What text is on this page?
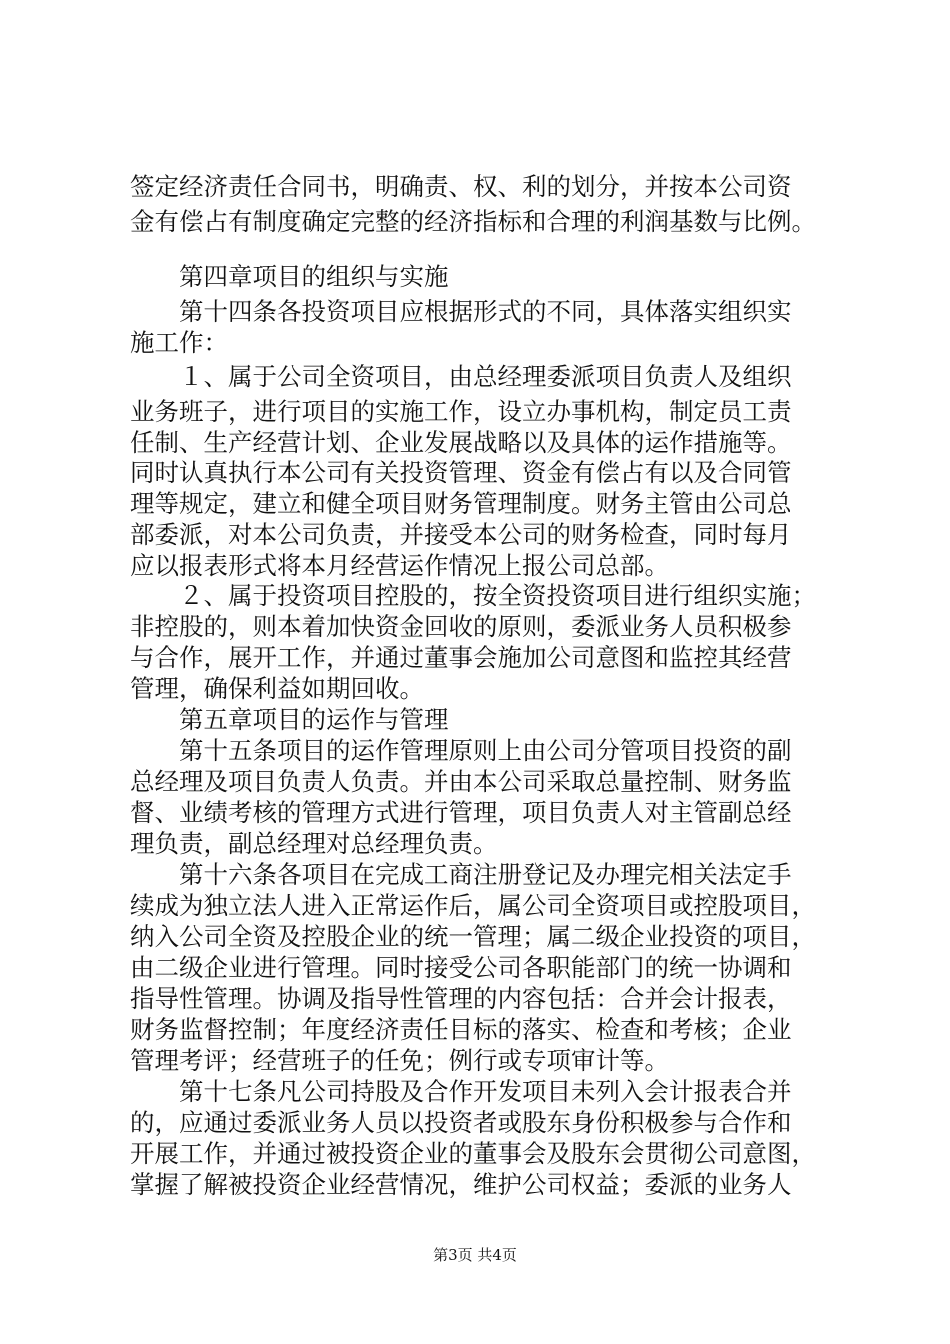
签定经济责任合同书，明确责、权、利的划分，并按本公司资
金有偿占有制度确定完整的经济指标和合理的利润基数与比例。
　　第四章项目的组织与实施
　　第十四条各投资项目应根据形式的不同，具体落实组织实
施工作：
　　１、属于公司全资项目，由总经理委派项目负责人及组织
业务班子，进行项目的实施工作，设立办事机构，制定员工责
任制、生产经营计划、企业发展战略以及具体的运作措施等。
同时认真执行本公司有关投资管理、资金有偿占有以及合同管
理等规定，建立和健全项目财务管理制度。财务主管由公司总
部委派，对本公司负责，并接受本公司的财务检查，同时每月
应以报表形式将本月经营运作情况上报公司总部。
　　２、属于投资项目控股的，按全资投资项目进行组织实施；
非控股的，则本着加快资金回收的原则，委派业务人员积极参
与合作，展开工作，并通过董事会施加公司意图和监控其经营
管理，确保利益如期回收。
　　第五章项目的运作与管理
　　第十五条项目的运作管理原则上由公司分管项目投资的副
总经理及项目负责人负责。并由本公司采取总量控制、财务监
督、业绩考核的管理方式进行管理，项目负责人对主管副总经
理负责，副总经理对总经理负责。
　　第十六条各项目在完成工商注册登记及办理完相关法定手
续成为独立法人进入正常运作后，属公司全资项目或控股项目，
纳入公司全资及控股企业的统一管理；属二级企业投资的项目，
由二级企业进行管理。同时接受公司各职能部门的统一协调和
指导性管理。协调及指导性管理的内容包括：合并会计报表，
财务监督控制；年度经济责任目标的落实、检查和考核；企业
管理考评；经营班子的任免；例行或专项审计等。
　　第十七条凡公司持股及合作开发项目未列入会计报表合并
的，应通过委派业务人员以投资者或股东身份积极参与合作和
开展工作，并通过被投资企业的董事会及股东会贯彻公司意图，
掌握了解被投资企业经营情况，维护公司权益；委派的业务人
第3页 共4页
